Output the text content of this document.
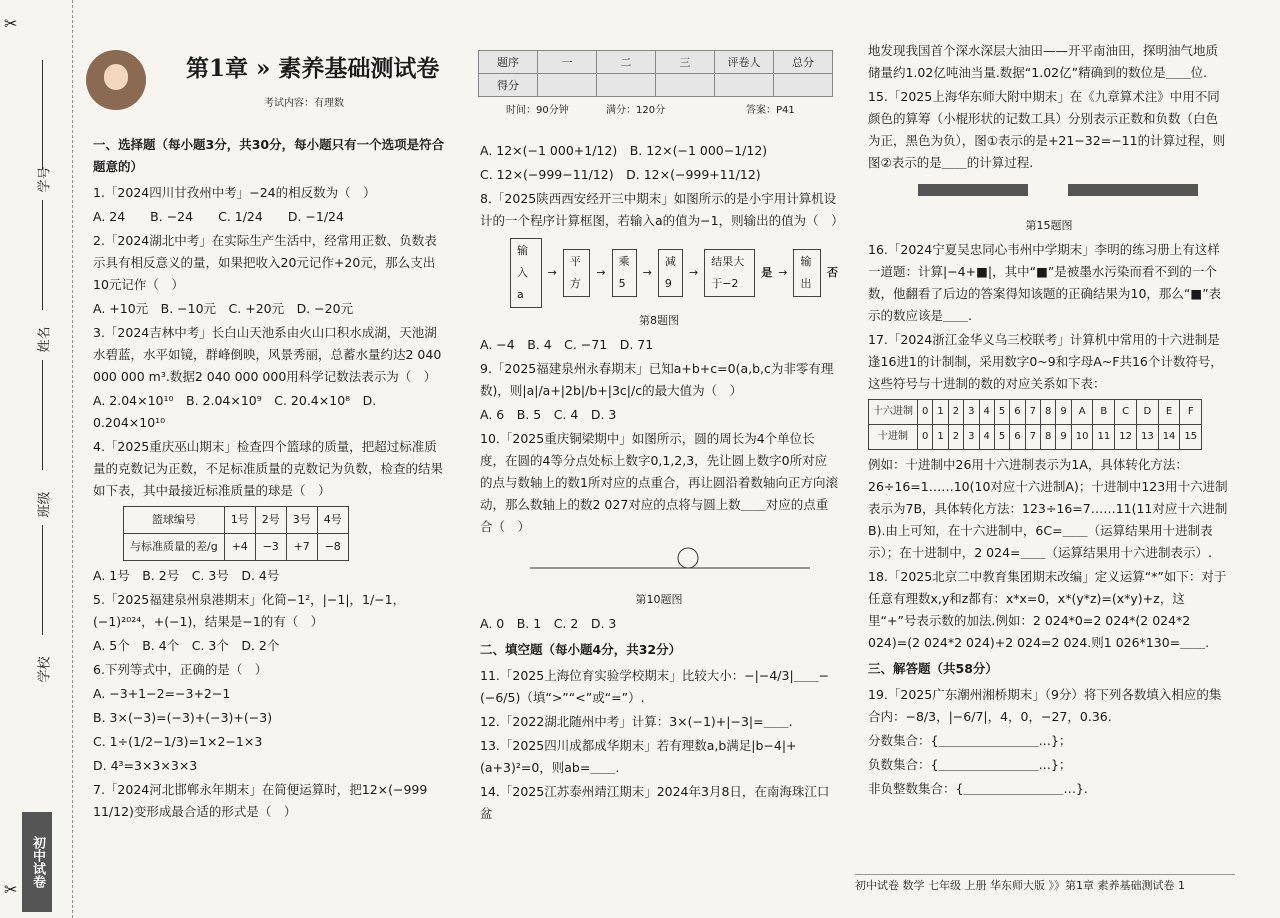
✂
✂
学号
姓名
班级
学校
初中试卷
第1章 » 素养基础测试卷
考试内容：有理数
题序	一	二	三	评卷人	总分
得分					
时间：90分钟	满分：120分	答案：P41
一、选择题（每小题3分，共30分，每小题只有一个选项是符合题意的）
1.「2024四川甘孜州中考」−24的相反数为（　）
A. 24　　B. −24　　C. 1/24　　D. −1/24
2.「2024湖北中考」在实际生产生活中，经常用正数、负数表示具有相反意义的量，如果把收入20元记作+20元，那么支出10元记作（　）
A. +10元　B. −10元　C. +20元　D. −20元
3.「2024吉林中考」长白山天池系由火山口积水成湖，天池湖水碧蓝，水平如镜，群峰倒映，风景秀丽，总蓄水量约达2 040 000 000 m³.数据2 040 000 000用科学记数法表示为（　）
A. 2.04×10¹⁰　B. 2.04×10⁹　C. 20.4×10⁸　D. 0.204×10¹⁰
4.「2025重庆巫山期末」检查四个篮球的质量，把超过标准质量的克数记为正数，不足标准质量的克数记为负数，检查的结果如下表，其中最接近标准质量的球是（　）
篮球编号	1号	2号	3号	4号
与标准质量的差/g	+4	−3	+7	−8
A. 1号　B. 2号　C. 3号　D. 4号
5.「2025福建泉州泉港期末」化简−1²，|−1|，1/−1，(−1)²⁰²⁴，+(−1)，结果是−1的有（　）
A. 5个　B. 4个　C. 3个　D. 2个
6.下列等式中，正确的是（　）
A. −3+1−2=−3+2−1
B. 3×(−3)=(−3)+(−3)+(−3)
C. 1÷(1/2−1/3)=1×2−1×3
D. 4³=3×3×3×3
7.「2024河北邯郸永年期末」在简便运算时，把12×(−999 11/12)变形成最合适的形式是（　）
A. 12×(−1 000+1/12)　B. 12×(−1 000−1/12)
C. 12×(−999−11/12)　D. 12×(−999+11/12)
8.「2025陕西西安经开三中期末」如图所示的是小宇用计算机设计的一个程序计算框图，若输入a的值为−1，则输出的值为（　）
输入a
→
平方
→
乘5
→
减9
→
结果大于−2
是 →
输出
否
第8题图
A. −4　B. 4　C. −71　D. 71
9.「2025福建泉州永春期末」已知a+b+c=0(a,b,c为非零有理数)，则|a|/a+|2b|/b+|3c|/c的最大值为（　）
A. 6　B. 5　C. 4　D. 3
10.「2025重庆铜梁期中」如图所示，圆的周长为4个单位长度，在圆的4等分点处标上数字0,1,2,3，先让圆上数字0所对应的点与数轴上的数1所对应的点重合，再让圆沿着数轴向正方向滚动，那么数轴上的数2 027对应的点将与圆上数＿＿对应的点重合（　）
第10题图
A. 0　B. 1　C. 2　D. 3
二、填空题（每小题4分，共32分）
11.「2025上海位育实验学校期末」比较大小：−|−4/3|＿＿−(−6/5)（填“>”“<”或“=”）.
12.「2022湖北随州中考」计算：3×(−1)+|−3|=＿＿.
13.「2025四川成都成华期末」若有理数a,b满足|b−4|+(a+3)²=0，则ab=＿＿.
14.「2025江苏泰州靖江期末」2024年3月8日，在南海珠江口盆
地发现我国首个深水深层大油田——开平南油田，探明油气地质储量约1.02亿吨油当量.数据“1.02亿”精确到的数位是＿＿位.
15.「2025上海华东师大附中期末」在《九章算术注》中用不同颜色的算筹（小棍形状的记数工具）分别表示正数和负数（白色为正，黑色为负），图①表示的是+21−32=−11的计算过程，则图②表示的是＿＿的计算过程.
第15题图
16.「2024宁夏吴忠同心韦州中学期末」李明的练习册上有这样一道题：计算|−4+■|，其中“■”是被墨水污染而看不到的一个数，他翻看了后边的答案得知该题的正确结果为10，那么“■”表示的数应该是＿＿.
17.「2024浙江金华义乌三校联考」计算机中常用的十六进制是逢16进1的计制制，采用数字0~9和字母A~F共16个计数符号，这些符号与十进制的数的对应关系如下表：
十六进制	0	1	2	3	4	5	6	7	8	9	A	B	C	D	E	F
十进制	0	1	2	3	4	5	6	7	8	9	10	11	12	13	14	15
例如：十进制中26用十六进制表示为1A，具体转化方法：26÷16=1……10(10对应十六进制A)；十进制中123用十六进制表示为7B，具体转化方法：123÷16=7……11(11对应十六进制B).由上可知，在十六进制中，6C=＿＿（运算结果用十进制表示）；在十进制中，2 024=＿＿（运算结果用十六进制表示）.
18.「2025北京二中教育集团期末改编」定义运算“*”如下：对于任意有理数x,y和z都有：x*x=0，x*(y*z)=(x*y)+z，这里“+”号表示数的加法.例如：2 024*0=2 024*(2 024*2 024)=(2 024*2 024)+2 024=2 024.则1 026*130=＿＿.
三、解答题（共58分）
19.「2025广东潮州湘桥期末」（9分）将下列各数填入相应的集合内：−8/3，|−6/7|，4，0，−27，0.36.
分数集合：{＿＿＿＿＿＿＿＿…}；
负数集合：{＿＿＿＿＿＿＿＿…}；
非负整数集合：{＿＿＿＿＿＿＿＿…}.
初中试卷 数学 七年级 上册 华东师大版 》》第1章 素养基础测试卷 1
